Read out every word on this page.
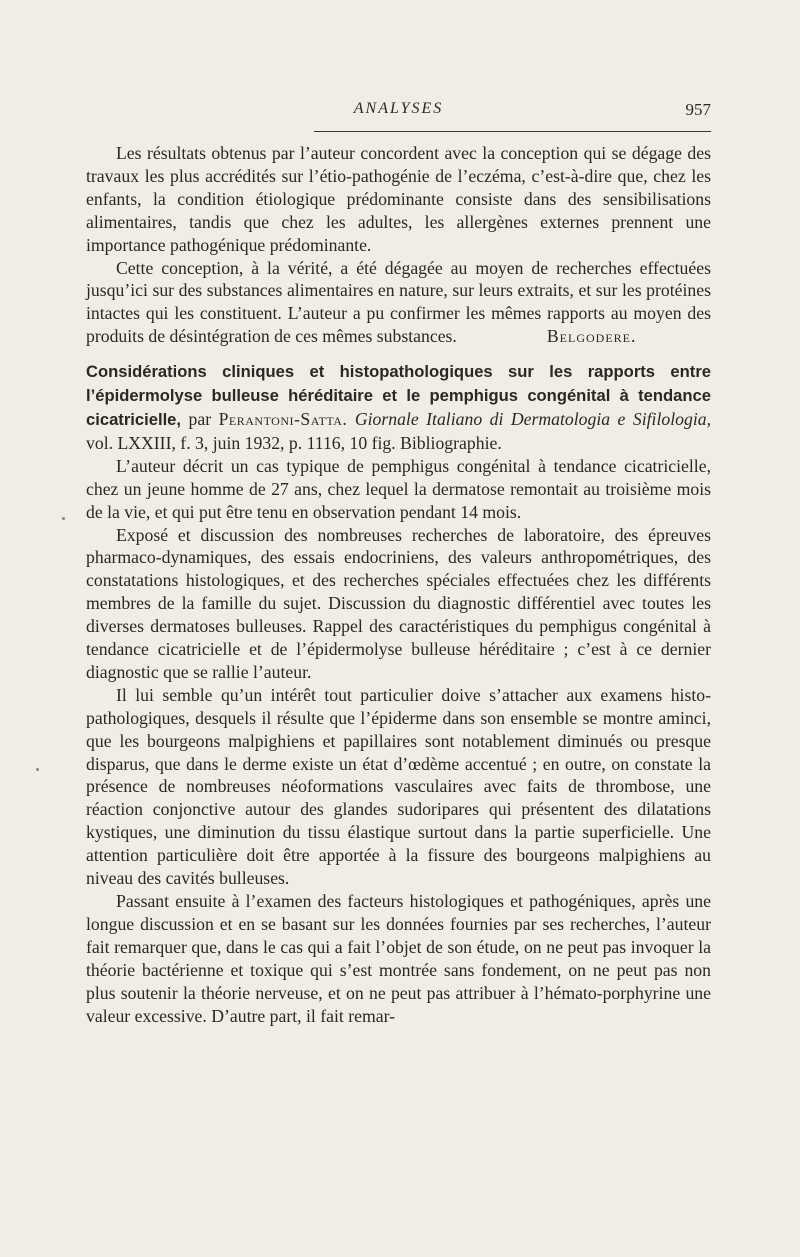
ANALYSES	957

Les résultats obtenus par l’auteur concordent avec la conception qui se dégage des travaux les plus accrédités sur l’étio-pathogénie de l’eczéma, c’est-à-dire que, chez les enfants, la condition étiologique prédominante consiste dans des sensibilisations alimentaires, tandis que chez les adultes, les allergènes externes prennent une importance pathogénique prédominante.

Cette conception, à la vérité, a été dégagée au moyen de recherches effectuées jusqu’ici sur des substances alimentaires en nature, sur leurs extraits, et sur les protéines intactes qui les constituent. L’auteur a pu confirmer les mêmes rapports au moyen des produits de désintégration de ces mêmes substances.	Belgodere.

Considérations cliniques et histopathologiques sur les rapports entre l’épidermolyse bulleuse héréditaire et le pemphigus congénital à tendance cicatricielle, par Perantoni-Satta. Giornale Italiano di Dermatologia e Sifilologia, vol. LXXIII, f. 3, juin 1932, p. 1116, 10 fig. Bibliographie.

L’auteur décrit un cas typique de pemphigus congénital à tendance cicatricielle, chez un jeune homme de 27 ans, chez lequel la dermatose remontait au troisième mois de la vie, et qui put être tenu en observation pendant 14 mois.

Exposé et discussion des nombreuses recherches de laboratoire, des épreuves pharmaco-dynamiques, des essais endocriniens, des valeurs anthropométriques, des constatations histologiques, et des recherches spéciales effectuées chez les différents membres de la famille du sujet. Discussion du diagnostic différentiel avec toutes les diverses dermatoses bulleuses. Rappel des caractéristiques du pemphigus congénital à tendance cicatricielle et de l’épidermolyse bulleuse héréditaire ; c’est à ce dernier diagnostic que se rallie l’auteur.

Il lui semble qu’un intérêt tout particulier doive s’attacher aux examens histo-pathologiques, desquels il résulte que l’épiderme dans son ensemble se montre aminci, que les bourgeons malpighiens et papillaires sont notablement diminués ou presque disparus, que dans le derme existe un état d’œdème accentué ; en outre, on constate la présence de nombreuses néoformations vasculaires avec faits de thrombose, une réaction conjonctive autour des glandes sudoripares qui présentent des dilatations kystiques, une diminution du tissu élastique surtout dans la partie superficielle. Une attention particulière doit être apportée à la fissure des bourgeons malpighiens au niveau des cavités bulleuses.

Passant ensuite à l’examen des facteurs histologiques et pathogéniques, après une longue discussion et en se basant sur les données fournies par ses recherches, l’auteur fait remarquer que, dans le cas qui a fait l’objet de son étude, on ne peut pas invoquer la théorie bactérienne et toxique qui s’est montrée sans fondement, on ne peut pas non plus soutenir la théorie nerveuse, et on ne peut pas attribuer à l’hémato-porphyrine une valeur excessive. D’autre part, il fait remar-
